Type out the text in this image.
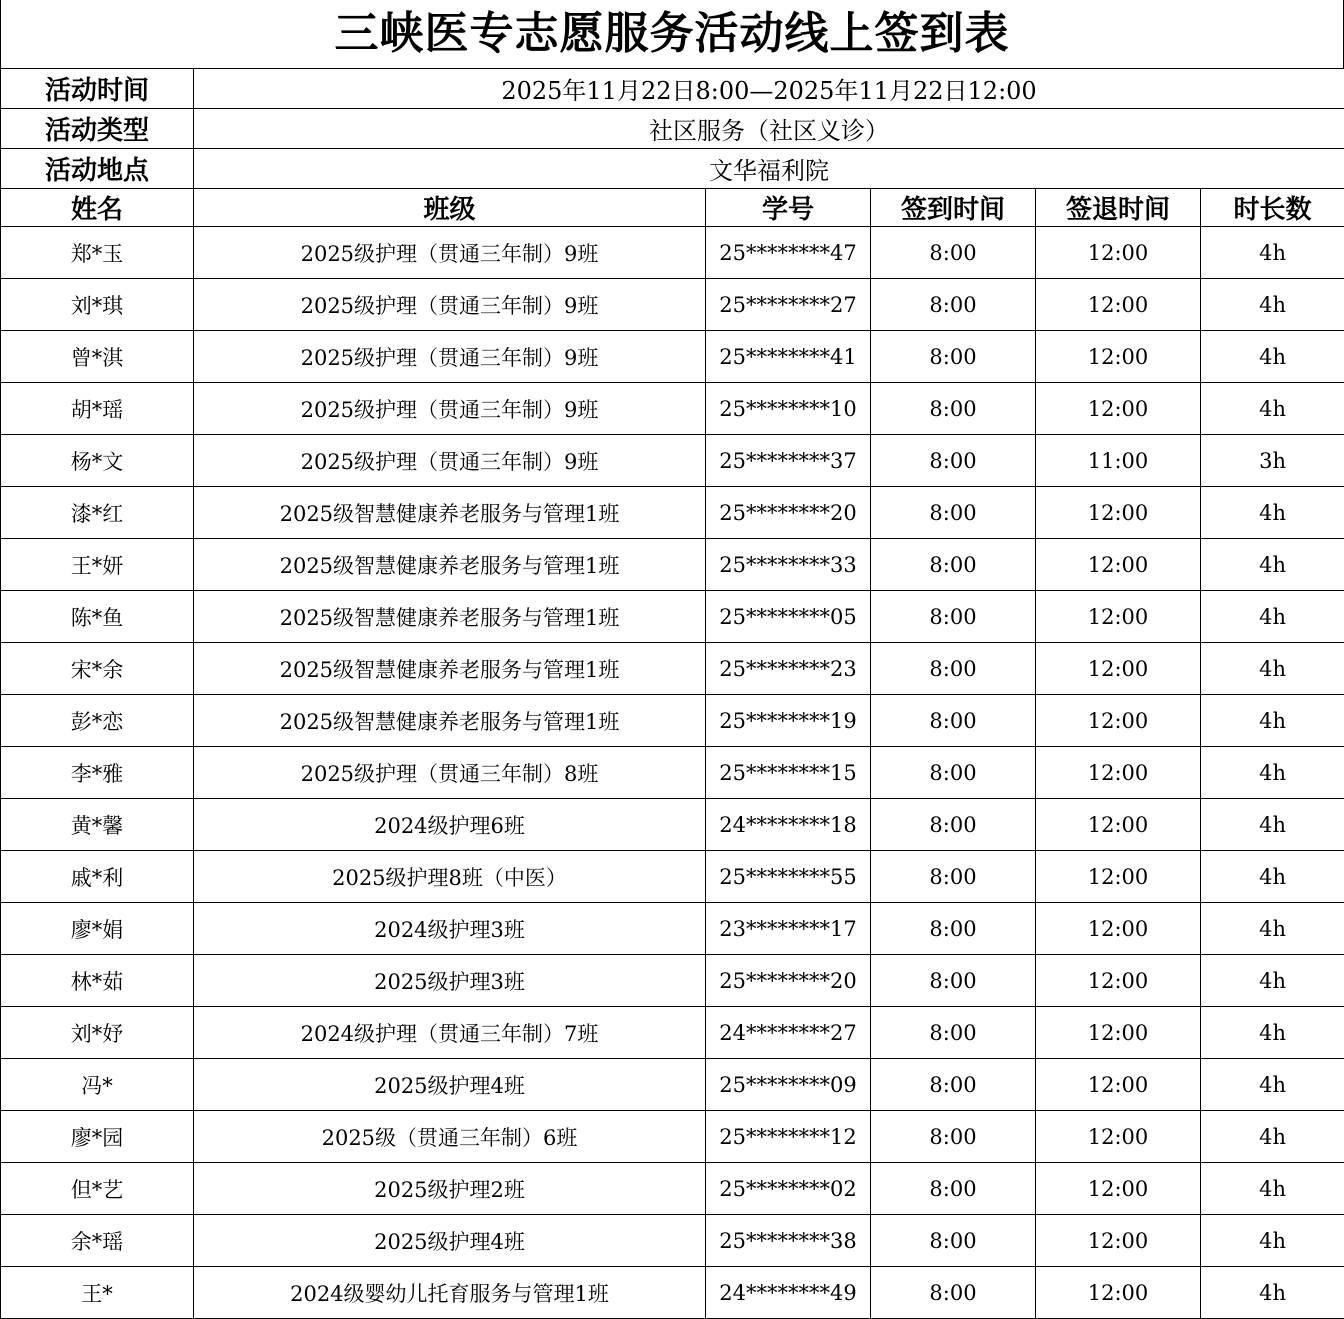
三峡医专志愿服务活动线上签到表
活动时间	2025年11月22日8:00—2025年11月22日12:00				
活动类型	社区服务（社区义诊）				
活动地点	文华福利院				
姓名	班级	学号	签到时间	签退时间	时长数
郑*玉	2025级护理（贯通三年制）9班	25********47	8:00	12:00	4h
刘*琪	2025级护理（贯通三年制）9班	25********27	8:00	12:00	4h
曾*淇	2025级护理（贯通三年制）9班	25********41	8:00	12:00	4h
胡*瑶	2025级护理（贯通三年制）9班	25********10	8:00	12:00	4h
杨*文	2025级护理（贯通三年制）9班	25********37	8:00	11:00	3h
漆*红	2025级智慧健康养老服务与管理1班	25********20	8:00	12:00	4h
王*妍	2025级智慧健康养老服务与管理1班	25********33	8:00	12:00	4h
陈*鱼	2025级智慧健康养老服务与管理1班	25********05	8:00	12:00	4h
宋*余	2025级智慧健康养老服务与管理1班	25********23	8:00	12:00	4h
彭*恋	2025级智慧健康养老服务与管理1班	25********19	8:00	12:00	4h
李*雅	2025级护理（贯通三年制）8班	25********15	8:00	12:00	4h
黄*馨	2024级护理6班	24********18	8:00	12:00	4h
戚*利	2025级护理8班（中医）	25********55	8:00	12:00	4h
廖*娟	2024级护理3班	23********17	8:00	12:00	4h
林*茹	2025级护理3班	25********20	8:00	12:00	4h
刘*妤	2024级护理（贯通三年制）7班	24********27	8:00	12:00	4h
冯*	2025级护理4班	25********09	8:00	12:00	4h
廖*园	2025级（贯通三年制）6班	25********12	8:00	12:00	4h
但*艺	2025级护理2班	25********02	8:00	12:00	4h
余*瑶	2025级护理4班	25********38	8:00	12:00	4h
王*	2024级婴幼儿托育服务与管理1班	24********49	8:00	12:00	4h
